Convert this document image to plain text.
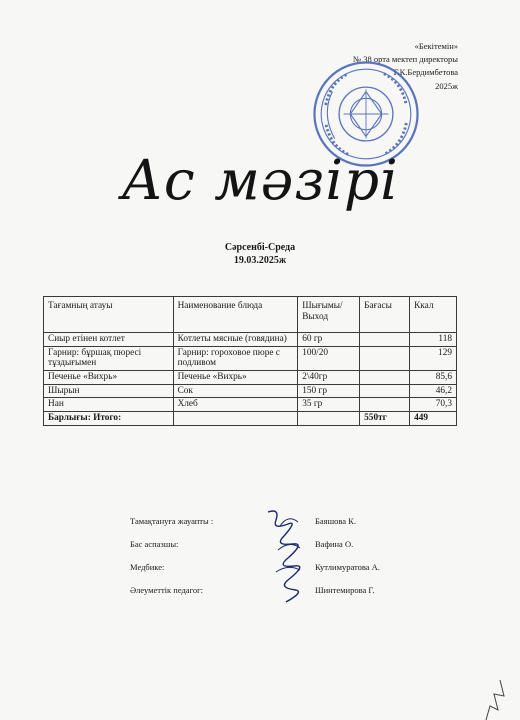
«Бекітемін»
№ 38 орта мектеп директоры
Г.К.Бердимбетова
2025ж
Ас мәзірі
Сәрсенбі-Среда
19.03.2025ж
Тағамның атауы	Наименование блюда	Шығымы/ Выход	Бағасы	Ккал
Сиыр етінен котлет	Котлеты мясные (говядина)	60 гр		118
Гарнир: бұршақ пюресі тұздығымен	Гарнир: гороховое пюре с подливом	100/20		129
Печенье «Вихрь»	Печенье «Вихрь»	2\40гр		85,6
Шырын	Сок	150 гр		46,2
Нан	Хлеб	35 гр		70,3
Барлығы: Итого:			550тг	449
Тамақтануға жауапты :	Баяшова К.
Бас аспазшы:	Вафина О.
Медбике:	Кутлимуратова А.
Әлеуметтік педагог:	Шинтемирова Г.
